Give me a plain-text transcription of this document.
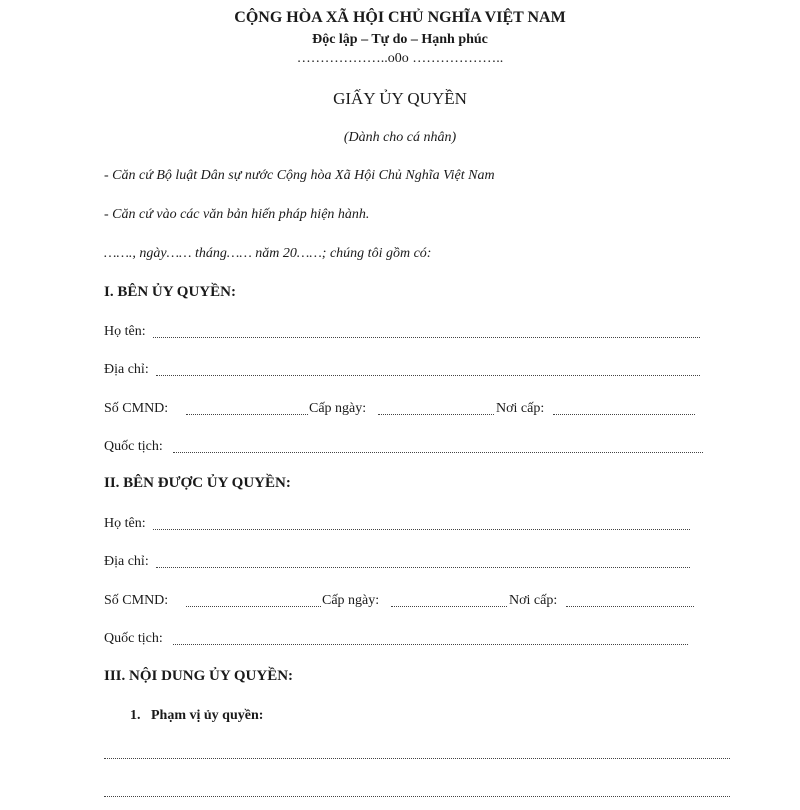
CỘNG HÒA XÃ HỘI CHỦ NGHĨA VIỆT NAM
Độc lập – Tự do – Hạnh phúc
………………..o0o ………………..
GIẤY ỦY QUYỀN
(Dành cho cá nhân)
- Căn cứ Bộ luật Dân sự nước Cộng hòa Xã Hội Chủ Nghĩa Việt Nam
- Căn cứ vào các văn bản hiến pháp hiện hành.
……., ngày…… tháng…… năm 20……; chúng tôi gồm có:
I. BÊN ỦY QUYỀN:
Họ tên:
Địa chỉ:
Số CMND:	Cấp ngày:	Nơi cấp:
Quốc tịch:
II. BÊN ĐƯỢC ỦY QUYỀN:
Họ tên:
Địa chỉ:
Số CMND:	Cấp ngày:	Nơi cấp:
Quốc tịch:
III. NỘI DUNG ỦY QUYỀN:
1.   Phạm vị ủy quyền:
